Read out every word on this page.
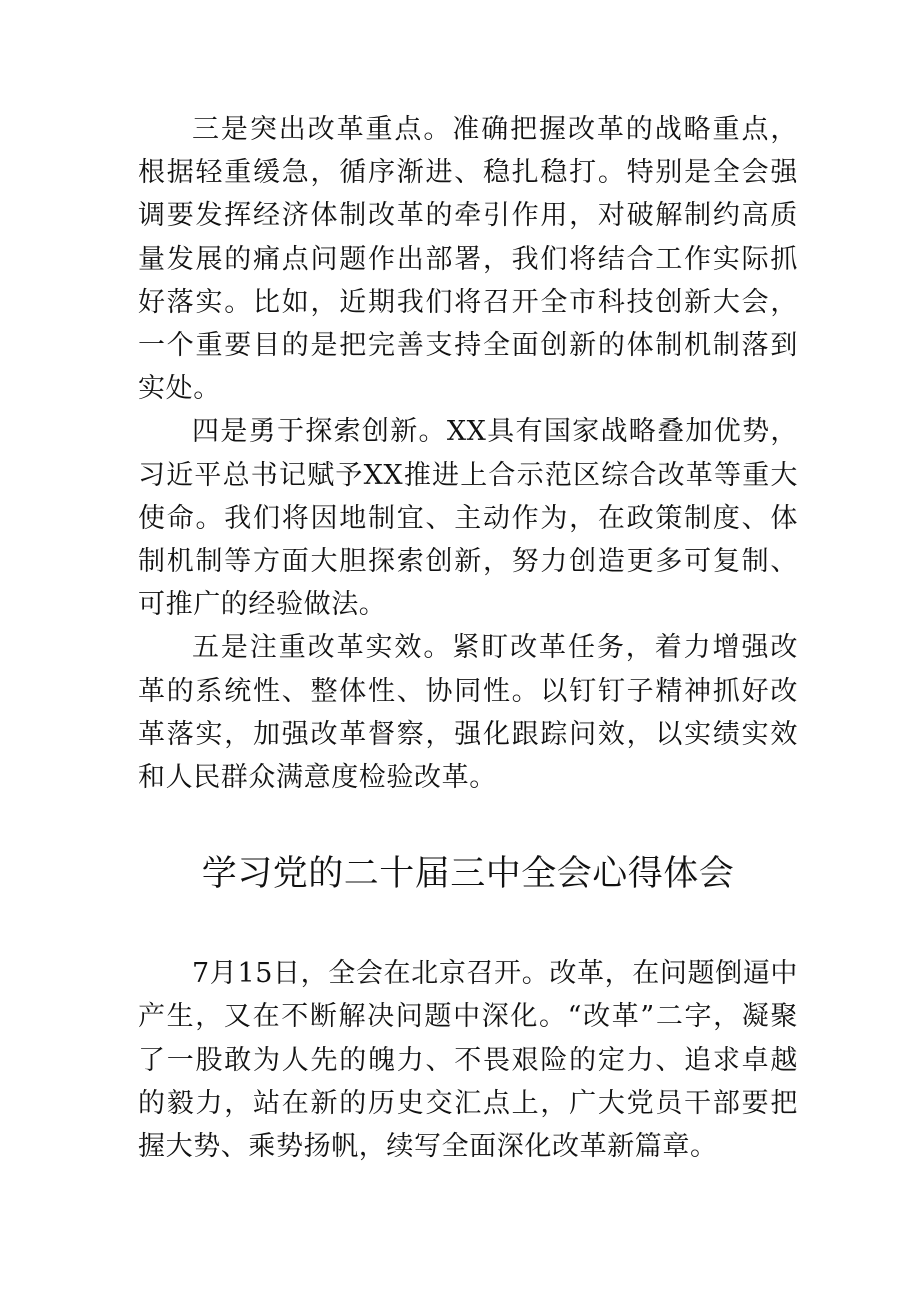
三是突出改革重点。准确把握改革的战略重点，根据轻重缓急，循序渐进、稳扎稳打。特别是全会强调要发挥经济体制改革的牵引作用，对破解制约高质量发展的痛点问题作出部署，我们将结合工作实际抓好落实。比如，近期我们将召开全市科技创新大会，一个重要目的是把完善支持全面创新的体制机制落到实处。

四是勇于探索创新。XX具有国家战略叠加优势，习近平总书记赋予XX推进上合示范区综合改革等重大使命。我们将因地制宜、主动作为，在政策制度、体制机制等方面大胆探索创新，努力创造更多可复制、可推广的经验做法。

五是注重改革实效。紧盯改革任务，着力增强改革的系统性、整体性、协同性。以钉钉子精神抓好改革落实，加强改革督察，强化跟踪问效，以实绩实效和人民群众满意度检验改革。

学习党的二十届三中全会心得体会

7月15日，全会在北京召开。改革，在问题倒逼中产生，又在不断解决问题中深化。“改革”二字，凝聚了一股敢为人先的魄力、不畏艰险的定力、追求卓越的毅力，站在新的历史交汇点上，广大党员干部要把握大势、乘势扬帆，续写全面深化改革新篇章。
